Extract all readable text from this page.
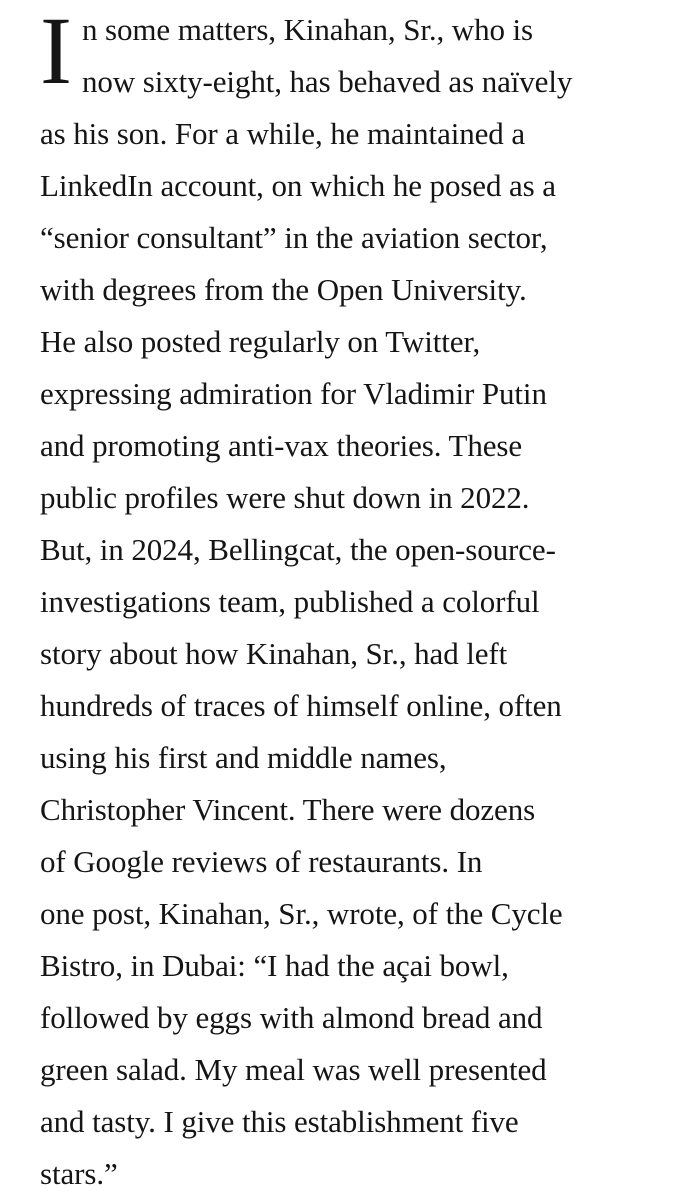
I n some matters, Kinahan, Sr., who is
now sixty-eight, has behaved as naïvely
as his son. For a while, he maintained a
LinkedIn account, on which he posed as a
“senior consultant” in the aviation sector,
with degrees from the Open University.
He also posted regularly on Twitter,
expressing admiration for Vladimir Putin
and promoting anti-vax theories. These
public profiles were shut down in 2022.
But, in 2024, Bellingcat, the open-source-
investigations team, published a colorful
story about how Kinahan, Sr., had left
hundreds of traces of himself online, often
using his first and middle names,
Christopher Vincent. There were dozens
of Google reviews of restaurants. In
one post, Kinahan, Sr., wrote, of the Cycle
Bistro, in Dubai: “I had the açai bowl,
followed by eggs with almond bread and
green salad. My meal was well presented
and tasty. I give this establishment five
stars.”
